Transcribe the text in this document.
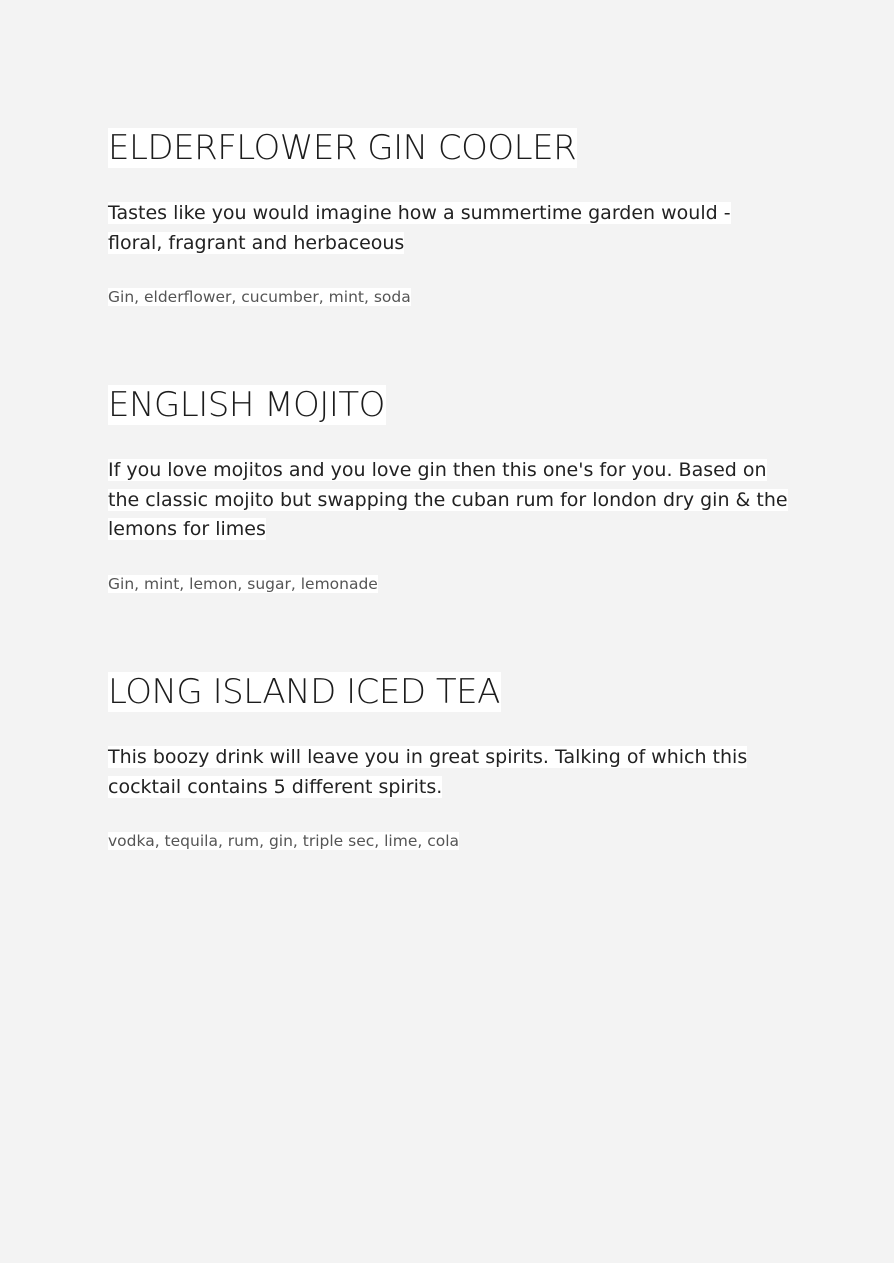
ELDERFLOWER GIN COOLER
Tastes like you would imagine how a summertime garden would -
floral, fragrant and herbaceous
Gin, elderflower, cucumber, mint, soda
ENGLISH MOJITO
If you love mojitos and you love gin then this one's for you. Based on
the classic mojito but swapping the cuban rum for london dry gin & the
lemons for limes
Gin, mint, lemon, sugar, lemonade
LONG ISLAND ICED TEA
This boozy drink will leave you in great spirits. Talking of which this
cocktail contains 5 different spirits.
vodka, tequila, rum, gin, triple sec, lime, cola
